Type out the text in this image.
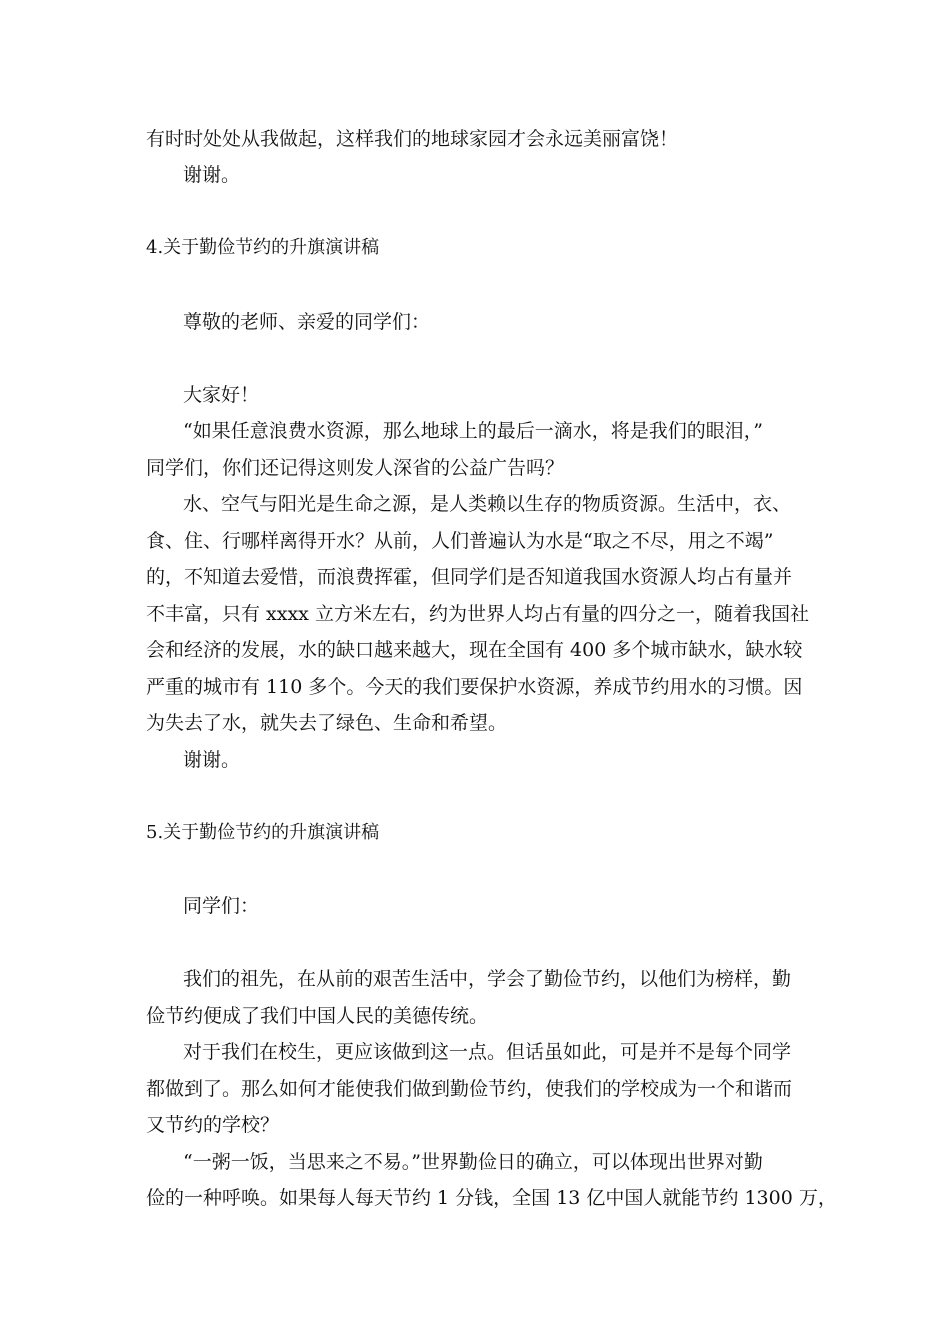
有时时处处从我做起，这样我们的地球家园才会永远美丽富饶！
谢谢。
4.关于勤俭节约的升旗演讲稿
尊敬的老师、亲爱的同学们：
大家好！
“如果任意浪费水资源，那么地球上的最后一滴水，将是我们的眼泪，”
同学们，你们还记得这则发人深省的公益广告吗？
水、空气与阳光是生命之源，是人类赖以生存的物质资源。生活中，衣、
食、住、行哪样离得开水？从前，人们普遍认为水是“取之不尽，用之不竭”
的，不知道去爱惜，而浪费挥霍，但同学们是否知道我国水资源人均占有量并
不丰富，只有 xxxx 立方米左右，约为世界人均占有量的四分之一，随着我国社
会和经济的发展，水的缺口越来越大，现在全国有 400 多个城市缺水，缺水较
严重的城市有 110 多个。今天的我们要保护水资源，养成节约用水的习惯。因
为失去了水，就失去了绿色、生命和希望。
谢谢。
5.关于勤俭节约的升旗演讲稿
同学们：
我们的祖先，在从前的艰苦生活中，学会了勤俭节约，以他们为榜样，勤
俭节约便成了我们中国人民的美德传统。
对于我们在校生，更应该做到这一点。但话虽如此，可是并不是每个同学
都做到了。那么如何才能使我们做到勤俭节约，使我们的学校成为一个和谐而
又节约的学校？
“一粥一饭，当思来之不易。”世界勤俭日的确立，可以体现出世界对勤
俭的一种呼唤。如果每人每天节约 1 分钱，全国 13 亿中国人就能节约 1300 万，
